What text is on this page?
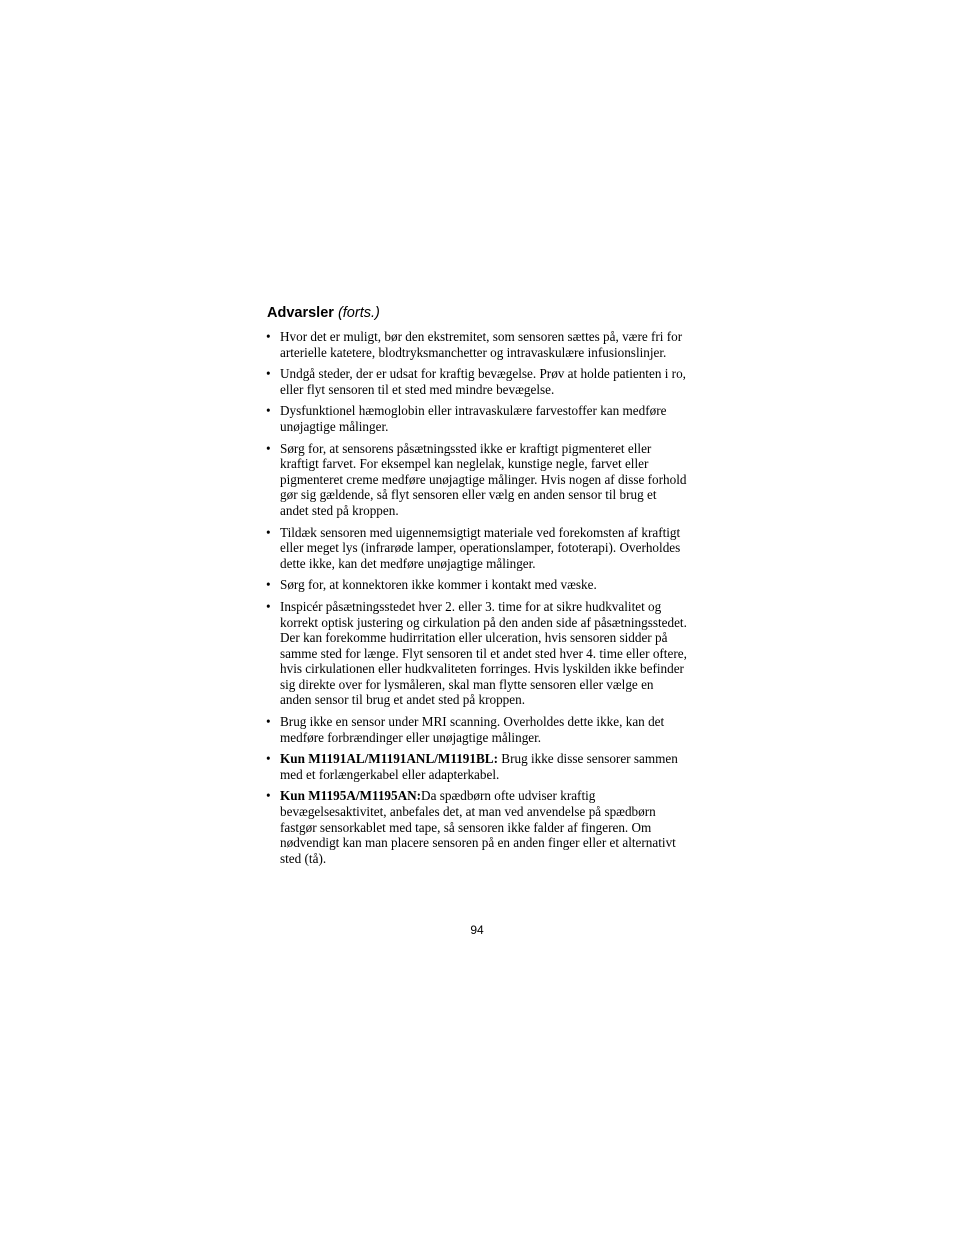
Advarsler (forts.)
• Hvor det er muligt, bør den ekstremitet, som sensoren sættes på, være fri for arterielle katetere, blodtryksmanchetter og intravaskulære infusionslinjer.
• Undgå steder, der er udsat for kraftig bevægelse. Prøv at holde patienten i ro, eller flyt sensoren til et sted med mindre bevægelse.
• Dysfunktionel hæmoglobin eller intravaskulære farvestoffer kan medføre unøjagtige målinger.
• Sørg for, at sensorens påsætningssted ikke er kraftigt pigmenteret eller kraftigt farvet. For eksempel kan neglelak, kunstige negle, farvet eller pigmenteret creme medføre unøjagtige målinger. Hvis nogen af disse forhold gør sig gældende, så flyt sensoren eller vælg en anden sensor til brug et andet sted på kroppen.
• Tildæk sensoren med uigennemsigtigt materiale ved forekomsten af kraftigt eller meget lys (infrarøde lamper, operationslamper, fototerapi). Overholdes dette ikke, kan det medføre unøjagtige målinger.
• Sørg for, at konnektoren ikke kommer i kontakt med væske.
• Inspicér påsætningsstedet hver 2. eller 3. time for at sikre hudkvalitet og korrekt optisk justering og cirkulation på den anden side af påsætningsstedet. Der kan forekomme hudirritation eller ulceration, hvis sensoren sidder på samme sted for længe. Flyt sensoren til et andet sted hver 4. time eller oftere, hvis cirkulationen eller hudkvaliteten forringes. Hvis lyskilden ikke befinder sig direkte over for lysmåleren, skal man flytte sensoren eller vælge en anden sensor til brug et andet sted på kroppen.
• Brug ikke en sensor under MRI scanning. Overholdes dette ikke, kan det medføre forbrændinger eller unøjagtige målinger.
• Kun M1191AL/M1191ANL/M1191BL: Brug ikke disse sensorer sammen med et forlængerkabel eller adapterkabel.
• Kun M1195A/M1195AN:Da spædbørn ofte udviser kraftig bevægelsesaktivitet, anbefales det, at man ved anvendelse på spædbørn fastgør sensorkablet med tape, så sensoren ikke falder af fingeren. Om nødvendigt kan man placere sensoren på en anden finger eller et alternativt sted (tå).
94
